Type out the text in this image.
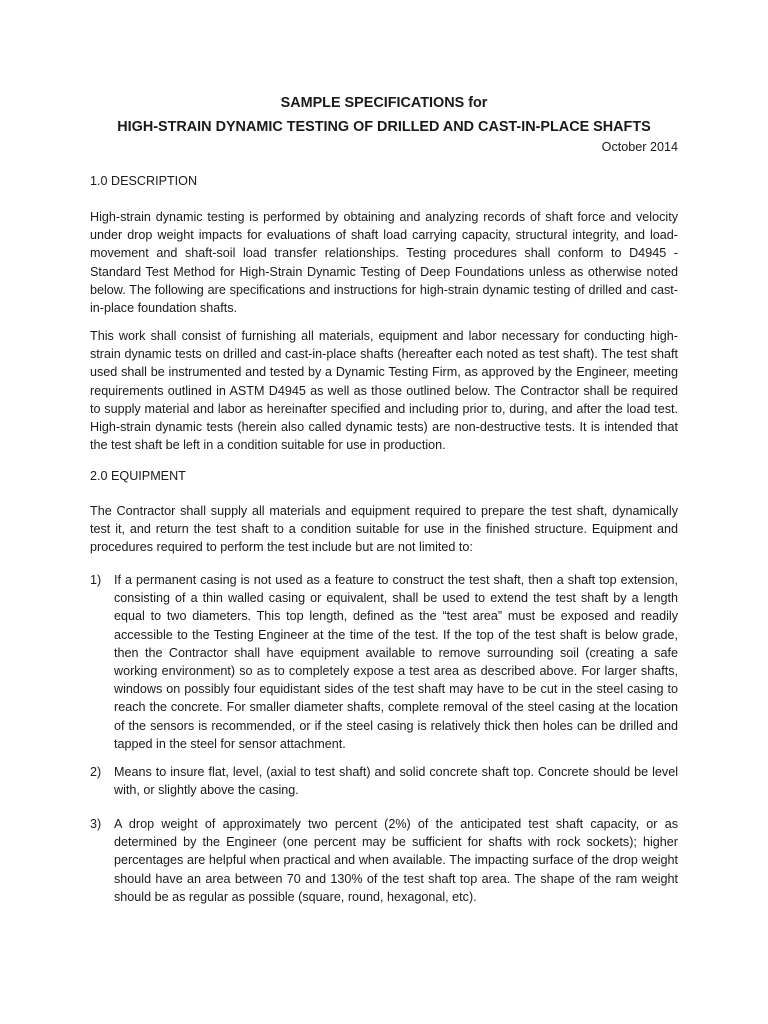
SAMPLE SPECIFICATIONS for
HIGH-STRAIN DYNAMIC TESTING OF DRILLED AND CAST-IN-PLACE SHAFTS
October 2014
1.0 DESCRIPTION

High-strain dynamic testing is performed by obtaining and analyzing records of shaft force and velocity under drop weight impacts for evaluations of shaft load carrying capacity, structural integrity, and load-movement and shaft-soil load transfer relationships. Testing procedures shall conform to D4945 - Standard Test Method for High-Strain Dynamic Testing of Deep Foundations unless as otherwise noted below. The following are specifications and instructions for high-strain dynamic testing of drilled and cast-in-place foundation shafts.

This work shall consist of furnishing all materials, equipment and labor necessary for conducting high-strain dynamic tests on drilled and cast-in-place shafts (hereafter each noted as test shaft). The test shaft used shall be instrumented and tested by a Dynamic Testing Firm, as approved by the Engineer, meeting requirements outlined in ASTM D4945 as well as those outlined below. The Contractor shall be required to supply material and labor as hereinafter specified and including prior to, during, and after the load test. High-strain dynamic tests (herein also called dynamic tests) are non-destructive tests. It is intended that the test shaft be left in a condition suitable for use in production.

2.0 EQUIPMENT

The Contractor shall supply all materials and equipment required to prepare the test shaft, dynamically test it, and return the test shaft to a condition suitable for use in the finished structure. Equipment and procedures required to perform the test include but are not limited to:

1) If a permanent casing is not used as a feature to construct the test shaft, then a shaft top extension, consisting of a thin walled casing or equivalent, shall be used to extend the test shaft by a length equal to two diameters. This top length, defined as the “test area” must be exposed and readily accessible to the Testing Engineer at the time of the test. If the top of the test shaft is below grade, then the Contractor shall have equipment available to remove surrounding soil (creating a safe working environment) so as to completely expose a test area as described above. For larger shafts, windows on possibly four equidistant sides of the test shaft may have to be cut in the steel casing to reach the concrete. For smaller diameter shafts, complete removal of the steel casing at the location of the sensors is recommended, or if the steel casing is relatively thick then holes can be drilled and tapped in the steel for sensor attachment.
2) Means to insure flat, level, (axial to test shaft) and solid concrete shaft top. Concrete should be level with, or slightly above the casing.
3) A drop weight of approximately two percent (2%) of the anticipated test shaft capacity, or as determined by the Engineer (one percent may be sufficient for shafts with rock sockets); higher percentages are helpful when practical and when available. The impacting surface of the drop weight should have an area between 70 and 130% of the test shaft top area. The shape of the ram weight should be as regular as possible (square, round, hexagonal, etc).
